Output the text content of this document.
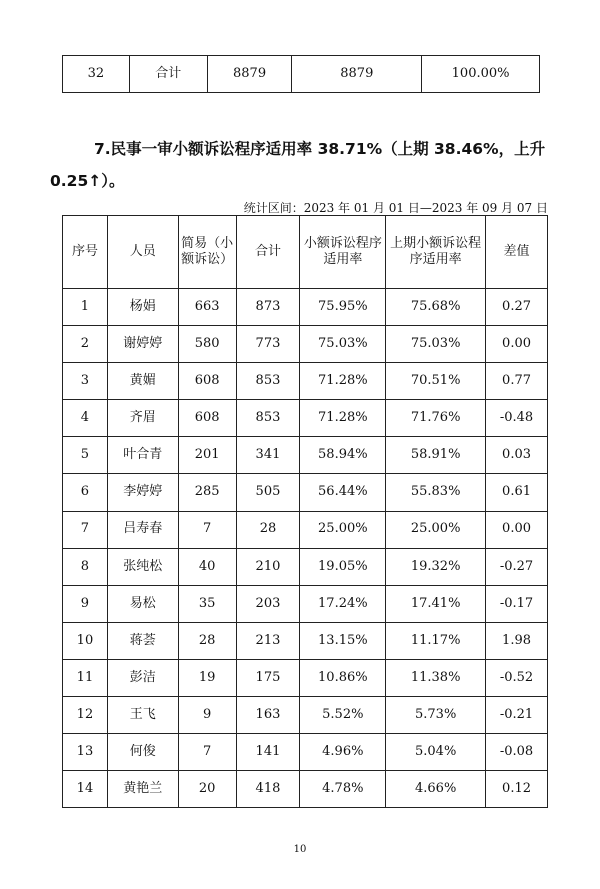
32	合计	8879	8879	100.00%

7.民事一审小额诉讼程序适用率 38.71%（上期 38.46%，上升 0.25↑）。

统计区间：2023 年 01 月 01 日—2023 年 09 月 07 日
序号	人员	简易（小额诉讼）	合计	小额诉讼程序适用率	上期小额诉讼程序适用率	差值
1	杨娟	663	873	75.95%	75.68%	0.27
2	谢婷婷	580	773	75.03%	75.03%	0.00
3	黄媚	608	853	71.28%	70.51%	0.77
4	齐眉	608	853	71.28%	71.76%	-0.48
5	叶合青	201	341	58.94%	58.91%	0.03
6	李婷婷	285	505	56.44%	55.83%	0.61
7	吕寿春	7	28	25.00%	25.00%	0.00
8	张纯松	40	210	19.05%	19.32%	-0.27
9	易松	35	203	17.24%	17.41%	-0.17
10	蒋荟	28	213	13.15%	11.17%	1.98
11	彭洁	19	175	10.86%	11.38%	-0.52
12	王飞	9	163	5.52%	5.73%	-0.21
13	何俊	7	141	4.96%	5.04%	-0.08
14	黄艳兰	20	418	4.78%	4.66%	0.12
10
